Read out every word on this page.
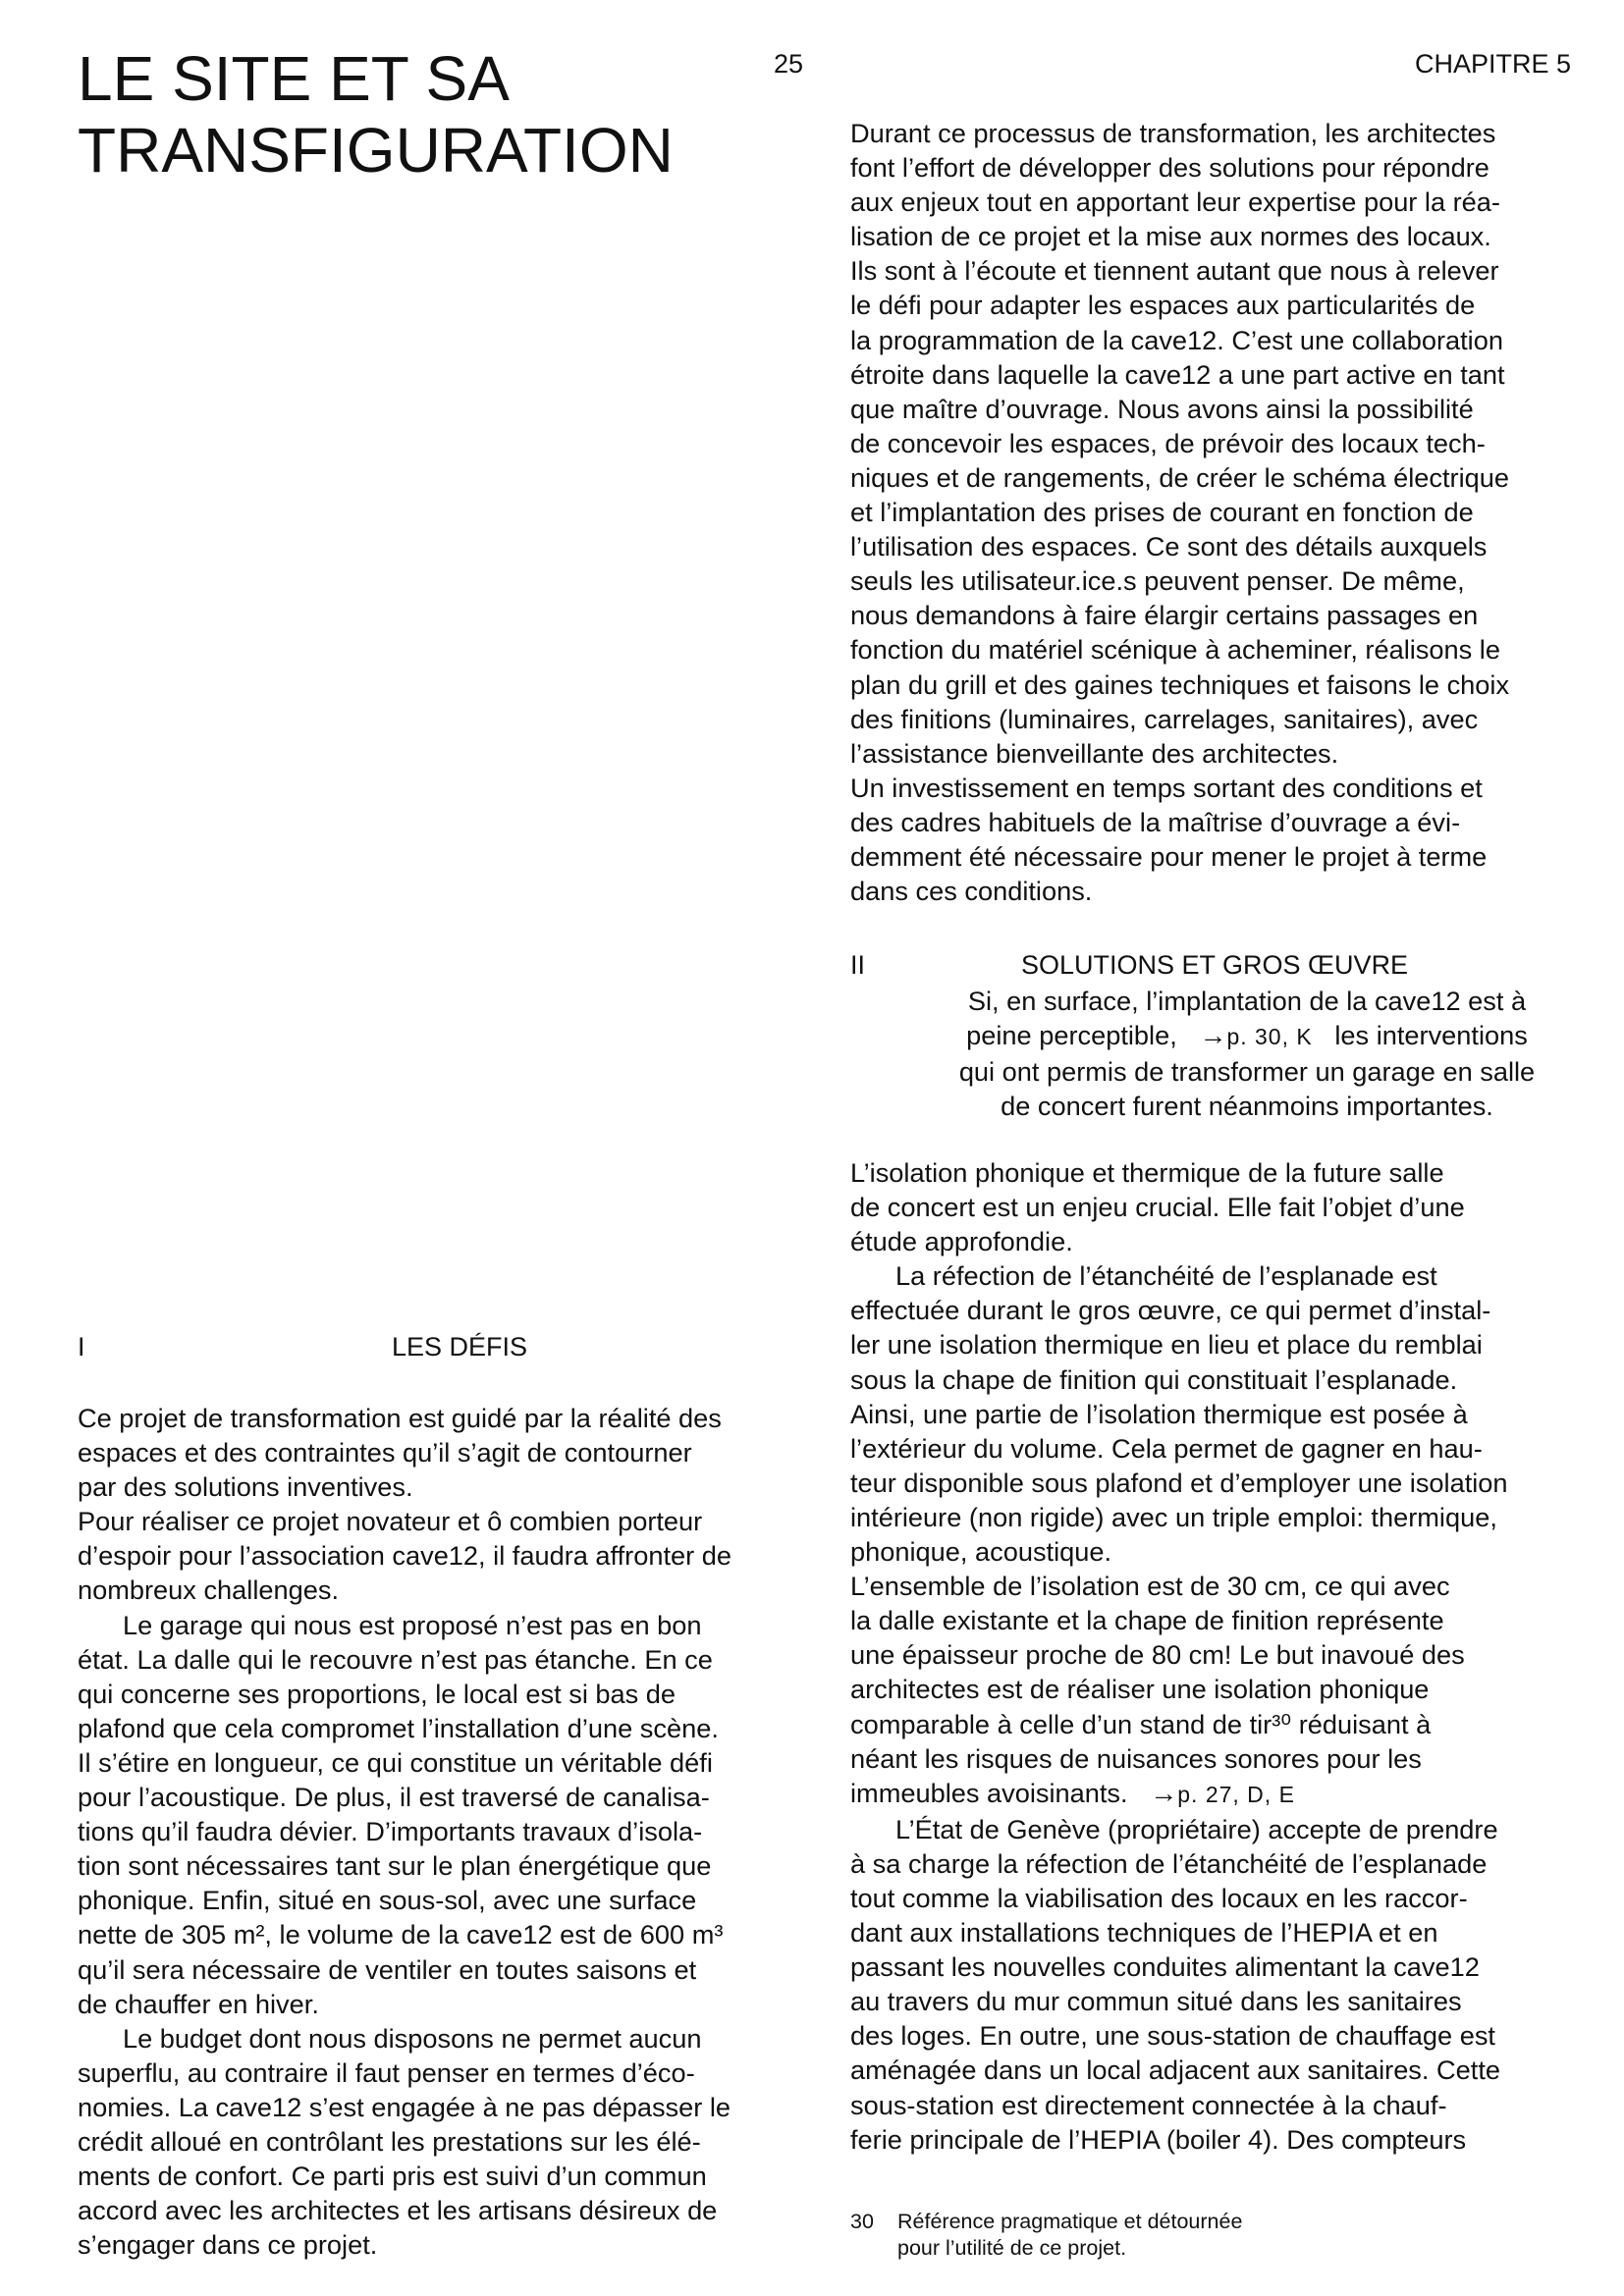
LE SITE ET SA
TRANSFIGURATION
25	CHAPITRE 5
Durant ce processus de transformation, les architectes
font l’effort de développer des solutions pour répondre
aux enjeux tout en apportant leur expertise pour la réa-
lisation de ce projet et la mise aux normes des locaux.
Ils sont à l’écoute et tiennent autant que nous à relever
le défi pour adapter les espaces aux particularités de
la programmation de la cave12. C’est une collaboration
étroite dans laquelle la cave12 a une part active en tant
que maître d’ouvrage. Nous avons ainsi la possibilité
de concevoir les espaces, de prévoir des locaux tech-
niques et de rangements, de créer le schéma électrique
et l’implantation des prises de courant en fonction de
l’utilisation des espaces. Ce sont des détails auxquels
seuls les utilisateur.ice.s peuvent penser. De même,
nous demandons à faire élargir certains passages en
fonction du matériel scénique à acheminer, réalisons le
plan du grill et des gaines techniques et faisons le choix
des finitions (luminaires, carrelages, sanitaires), avec
l’assistance bienveillante des architectes.
Un investissement en temps sortant des conditions et
des cadres habituels de la maîtrise d’ouvrage a évi-
demment été nécessaire pour mener le projet à terme
dans ces conditions.
II	SOLUTIONS ET GROS ŒUVRE
Si, en surface, l’implantation de la cave12 est à
peine perceptible, →p. 30, K les interventions
qui ont permis de transformer un garage en salle
de concert furent néanmoins importantes.
L’isolation phonique et thermique de la future salle
de concert est un enjeu crucial. Elle fait l’objet d’une
étude approfondie.
La réfection de l’étanchéité de l’esplanade est
effectuée durant le gros œuvre, ce qui permet d’instal-
ler une isolation thermique en lieu et place du remblai
sous la chape de finition qui constituait l’esplanade.
Ainsi, une partie de l’isolation thermique est posée à
l’extérieur du volume. Cela permet de gagner en hau-
teur disponible sous plafond et d’employer une isolation
intérieure (non rigide) avec un triple emploi: thermique,
phonique, acoustique.
L’ensemble de l’isolation est de 30 cm, ce qui avec
la dalle existante et la chape de finition représente
une épaisseur proche de 80 cm! Le but inavoué des
architectes est de réaliser une isolation phonique
comparable à celle d’un stand de tir³⁰ réduisant à
néant les risques de nuisances sonores pour les
immeubles avoisinants. →p. 27, D, E
L’État de Genève (propriétaire) accepte de prendre
à sa charge la réfection de l’étanchéité de l’esplanade
tout comme la viabilisation des locaux en les raccor-
dant aux installations techniques de l’HEPIA et en
passant les nouvelles conduites alimentant la cave12
au travers du mur commun situé dans les sanitaires
des loges. En outre, une sous-station de chauffage est
aménagée dans un local adjacent aux sanitaires. Cette
sous-station est directement connectée à la chauf-
ferie principale de l’HEPIA (boiler 4). Des compteurs
30 Référence pragmatique et détournée
pour l’utilité de ce projet.
I	LES DÉFIS
Ce projet de transformation est guidé par la réalité des
espaces et des contraintes qu’il s’agit de contourner
par des solutions inventives.
Pour réaliser ce projet novateur et ô combien porteur
d’espoir pour l’association cave12, il faudra affronter de
nombreux challenges.
Le garage qui nous est proposé n’est pas en bon
état. La dalle qui le recouvre n’est pas étanche. En ce
qui concerne ses proportions, le local est si bas de
plafond que cela compromet l’installation d’une scène.
Il s’étire en longueur, ce qui constitue un véritable défi
pour l’acoustique. De plus, il est traversé de canalisa-
tions qu’il faudra dévier. D’importants travaux d’isola-
tion sont nécessaires tant sur le plan énergétique que
phonique. Enfin, situé en sous-sol, avec une surface
nette de 305 m², le volume de la cave12 est de 600 m³
qu’il sera nécessaire de ventiler en toutes saisons et
de chauffer en hiver.
Le budget dont nous disposons ne permet aucun
superflu, au contraire il faut penser en termes d’éco-
nomies. La cave12 s’est engagée à ne pas dépasser le
crédit alloué en contrôlant les prestations sur les élé-
ments de confort. Ce parti pris est suivi d’un commun
accord avec les architectes et les artisans désireux de
s’engager dans ce projet.
